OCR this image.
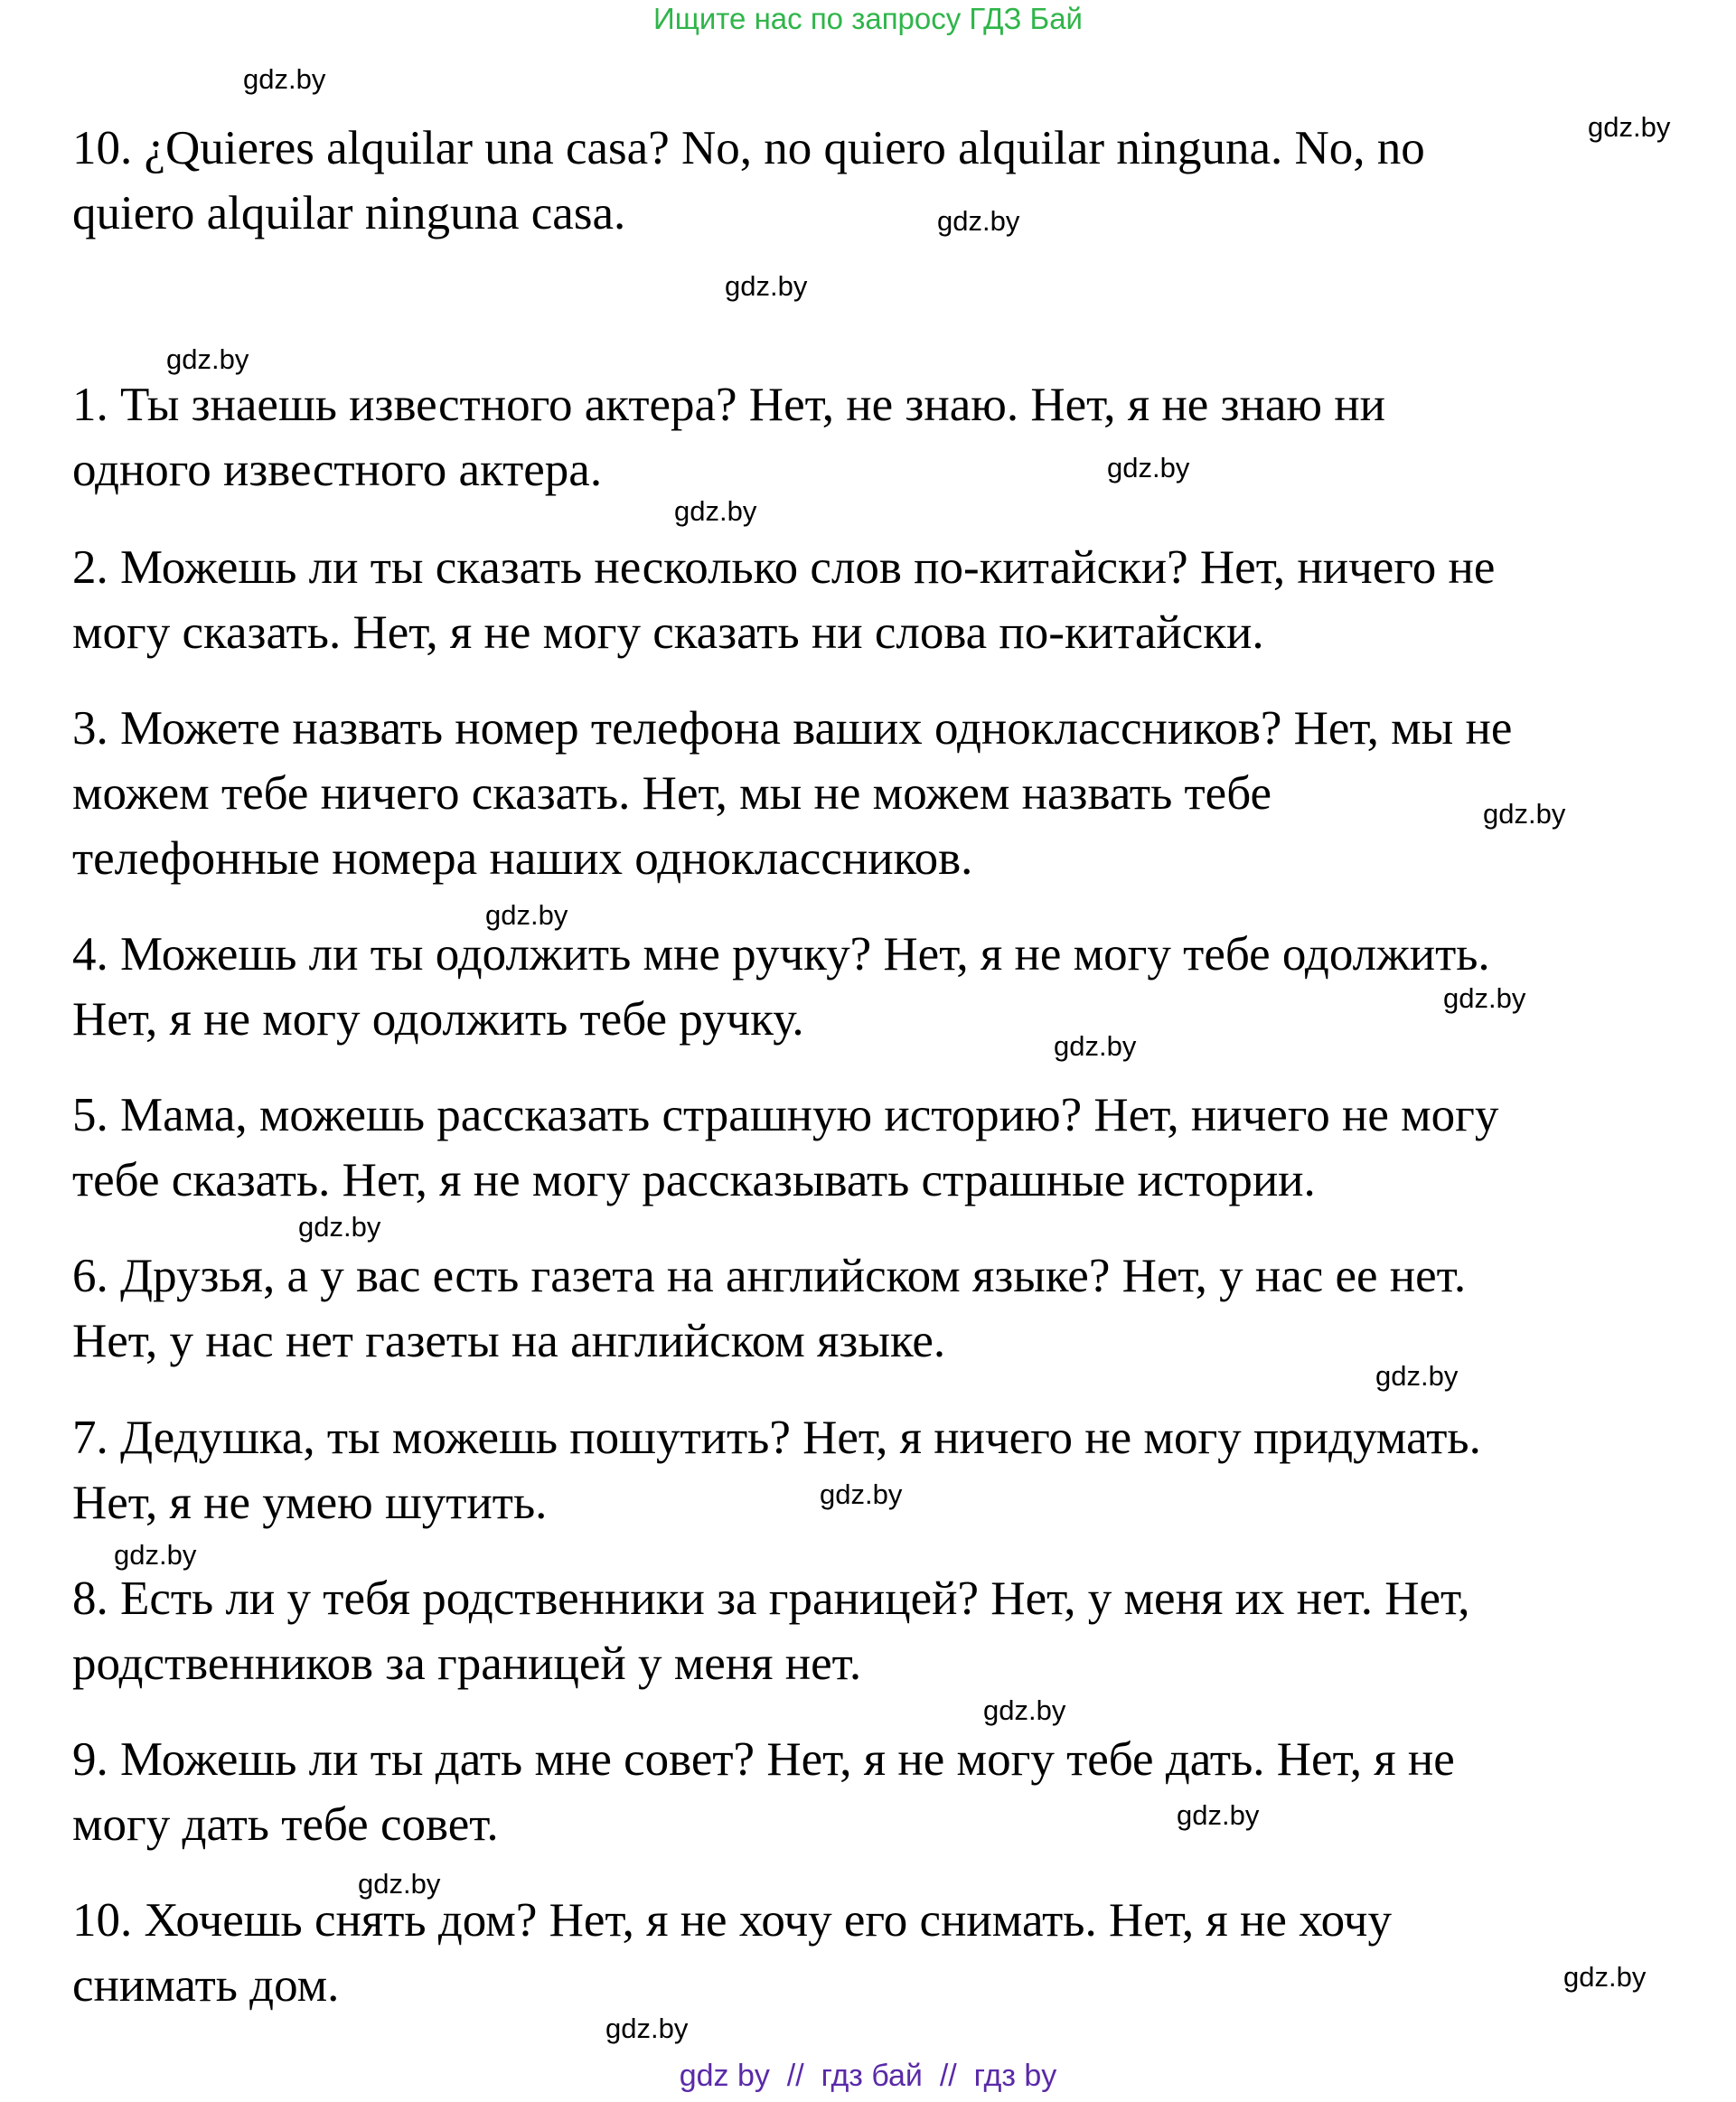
Ищите нас по запросу ГДЗ Бай
10. ¿Quieres alquilar una casa? No, no quiero alquilar ninguna. No, no
quiero alquilar ninguna casa.
1. Ты знаешь известного актера? Нет, не знаю. Нет, я не знаю ни
одного известного актера.
2. Можешь ли ты сказать несколько слов по-китайски? Нет, ничего не
могу сказать. Нет, я не могу сказать ни слова по-китайски.
3. Можете назвать номер телефона ваших одноклассников? Нет, мы не
можем тебе ничего сказать. Нет, мы не можем назвать тебе
телефонные номера наших одноклассников.
4. Можешь ли ты одолжить мне ручку? Нет, я не могу тебе одолжить.
Нет, я не могу одолжить тебе ручку.
5. Мама, можешь рассказать страшную историю? Нет, ничего не могу
тебе сказать. Нет, я не могу рассказывать страшные истории.
6. Друзья, а у вас есть газета на английском языке? Нет, у нас ее нет.
Нет, у нас нет газеты на английском языке.
7. Дедушка, ты можешь пошутить? Нет, я ничего не могу придумать.
Нет, я не умею шутить.
8. Есть ли у тебя родственники за границей? Нет, у меня их нет. Нет,
родственников за границей у меня нет.
9. Можешь ли ты дать мне совет? Нет, я не могу тебе дать. Нет, я не
могу дать тебе совет.
10. Хочешь снять дом? Нет, я не хочу его снимать. Нет, я не хочу
снимать дом.
gdz.by
gdz.by
gdz.by
gdz.by
gdz.by
gdz.by
gdz.by
gdz.by
gdz.by
gdz.by
gdz.by
gdz.by
gdz.by
gdz.by
gdz.by
gdz.by
gdz.by
gdz.by
gdz.by
gdz.by
gdz by  //  гдз бай  //  гдз by
